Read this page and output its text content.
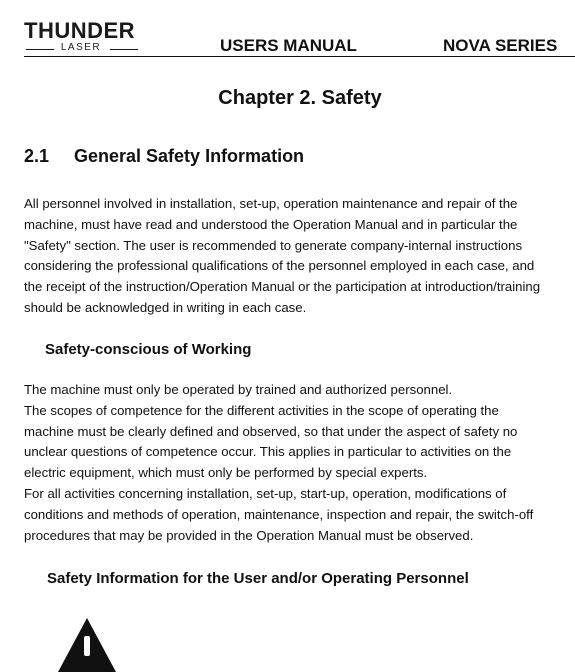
THUNDER
LASER	USERS MANUAL	NOVA SERIES
Chapter 2. Safety
2.1 General Safety Information
All personnel involved in installation, set-up, operation maintenance and repair of the
machine, must have read and understood the Operation Manual and in particular the
"Safety" section. The user is recommended to generate company-internal instructions
considering the professional qualifications of the personnel employed in each case, and
the receipt of the instruction/Operation Manual or the participation at introduction/training
should be acknowledged in writing in each case.
Safety-conscious of Working
The machine must only be operated by trained and authorized personnel.
The scopes of competence for the different activities in the scope of operating the
machine must be clearly defined and observed, so that under the aspect of safety no
unclear questions of competence occur. This applies in particular to activities on the
electric equipment, which must only be performed by special experts.
For all activities concerning installation, set-up, start-up, operation, modifications of
conditions and methods of operation, maintenance, inspection and repair, the switch-off
procedures that may be provided in the Operation Manual must be observed.
Safety Information for the User and/or Operating Personnel
